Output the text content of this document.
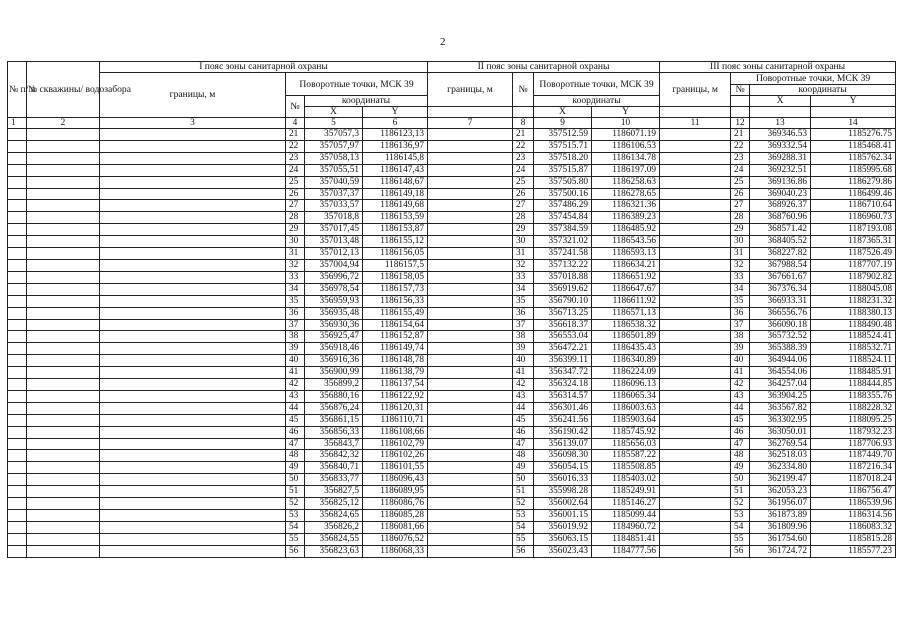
2
№ п/ п	№ скважины/ водозабора	I пояс зоны санитарной охраны				II пояс зоны санитарной охраны				III пояс зоны санитарной охраны			
		границы, м	Поворотные точки, МСК 39			границы, м	№	Поворотные точки, МСК 39		границы, м	Поворотные точки, МСК 39		
											№	координаты	
			№	координаты				координаты				X	Y
				X	Y			X	Y				
1	2	3	4	5	6	7	8	9	10	11	12	13	14
			21	357057,3	1186123,13		21	357512.59	1186071.19		21	369346.53	1185276.75
			22	357057,97	1186136,97		22	357515.71	1186106.53		22	369332.54	1185468.41
			23	357058,13	1186145,8		23	357518.20	1186134.78		23	369288.31	1185762.34
			24	357055,51	1186147,43		24	357515.87	1186197.09		24	369232.51	1185995.68
			25	357040,59	1186148,67		25	357505.80	1186258.63		25	369136.86	1186279.86
			26	357037,37	1186149,18		26	357500.16	1186278.65		26	369040.23	1186499.46
			27	357033,57	1186149,68		27	357486.29	1186321.36		27	368926.37	1186710.64
			28	357018,8	1186153,59		28	357454.84	1186389.23		28	368760.96	1186960.73
			29	357017,45	1186153,87		29	357384.59	1186485.92		29	368571.42	1187193.08
			30	357013,48	1186155,12		30	357321.02	1186543.56		30	368405.52	1187365.31
			31	357012,13	1186156,05		31	357241.58	1186593.13		31	368227.82	1187526.49
			32	357004,94	1186157,5		32	357132.22	1186634.21		32	367988.54	1187707.19
			33	356996,72	1186158,05		33	357018.88	1186651.92		33	367661.67	1187902.82
			34	356978,54	1186157,73		34	356919.62	1186647.67		34	367376.34	1188045.08
			35	356959,93	1186156,33		35	356790.10	1186611.92		35	366933.31	1188231.32
			36	356935,48	1186155,49		36	356713.25	1186571.13		36	366556.76	1188380.13
			37	356930,36	1186154,64		37	356618.37	1186538.32		37	366090.18	1188490.48
			38	356925,47	1186152,87		38	356553.04	1186501.89		38	365732.52	1188524.41
			39	356918,46	1186149,74		39	356472.21	1186435.43		39	365388.39	1188532.71
			40	356916,36	1186148,78		40	356399.11	1186340.89		40	364944.06	1188524.11
			41	356900,99	1186138,79		41	356347.72	1186224.09		41	364554.06	1188485.91
			42	356899,2	1186137,54		42	356324.18	1186096.13		42	364257.04	1188444.85
			43	356880,16	1186122,92		43	356314.57	1186065.34		43	363904.25	1188355.76
			44	356876,24	1186120,31		44	356301.46	1186003.63		44	363567.82	1188228.32
			45	356861,15	1186110,71		45	356241.56	1185903.64		45	363302.95	1188095.25
			46	356856,33	1186108,66		46	356190.42	1185745.92		46	363050.01	1187932.23
			47	356843,7	1186102,79		47	356139.07	1185656.03		47	362769.54	1187706.93
			48	356842,32	1186102,26		48	356098.30	1185587.22		48	362518.03	1187449.70
			49	356840,71	1186101,55		49	356054.15	1185508.85		49	362334.80	1187216.34
			50	356833,77	1186096,43		50	356016.33	1185403.02		50	362199.47	1187018.24
			51	356827,5	1186089,95		51	355998.28	1185249.91		51	362053.23	1186756.47
			52	356825,12	1186086,76		52	356002.64	1185146.27		52	361956.07	1186539.96
			53	356824,65	1186085,28		53	356001.15	1185099.44		53	361873.89	1186314.56
			54	356826,2	1186081,66		54	356019.92	1184960.72		54	361809.96	1186083.32
			55	356824,55	1186076,52		55	356063.15	1184851.41		55	361754.60	1185815.28
			56	356823,63	1186068,33		56	356023.43	1184777.56		56	361724.72	1185577.23
